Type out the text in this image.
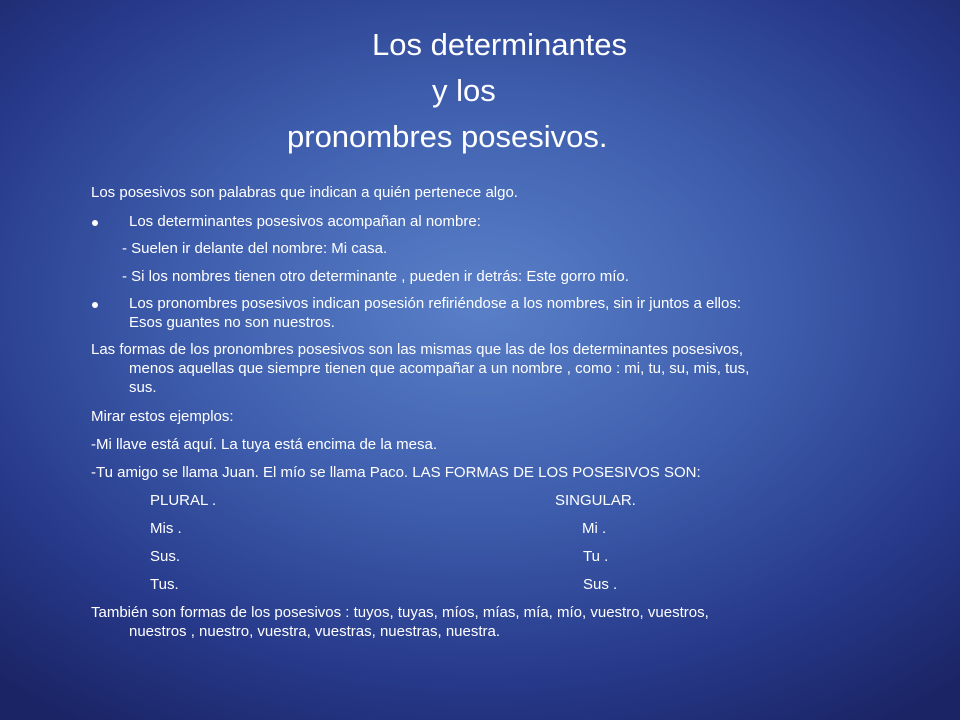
Los determinantes
y los
pronombres posesivos.
Los posesivos son palabras que indican a quién pertenece algo.
Los determinantes posesivos acompañan al nombre:
- Suelen ir delante del nombre: Mi casa.
- Si los nombres tienen otro determinante , pueden ir detrás: Este gorro mío.
Los pronombres posesivos indican posesión refiriéndose a los nombres, sin ir juntos a ellos:
Esos guantes no son nuestros.
Las formas de los pronombres posesivos son las mismas que las de los determinantes posesivos,
menos aquellas que siempre tienen que acompañar a un nombre , como : mi, tu, su, mis, tus,
sus.
Mirar estos ejemplos:
-Mi llave está aquí. La tuya está encima de la mesa.
-Tu amigo se llama Juan. El mío se llama Paco. LAS FORMAS DE LOS POSESIVOS SON:
PLURAL .	SINGULAR.
Mis .	Mi .
Sus.	Tu .
Tus.	Sus .
También son formas de los posesivos : tuyos, tuyas, míos, mías, mía, mío, vuestro, vuestros,
nuestros , nuestro, vuestra, vuestras, nuestras, nuestra.
